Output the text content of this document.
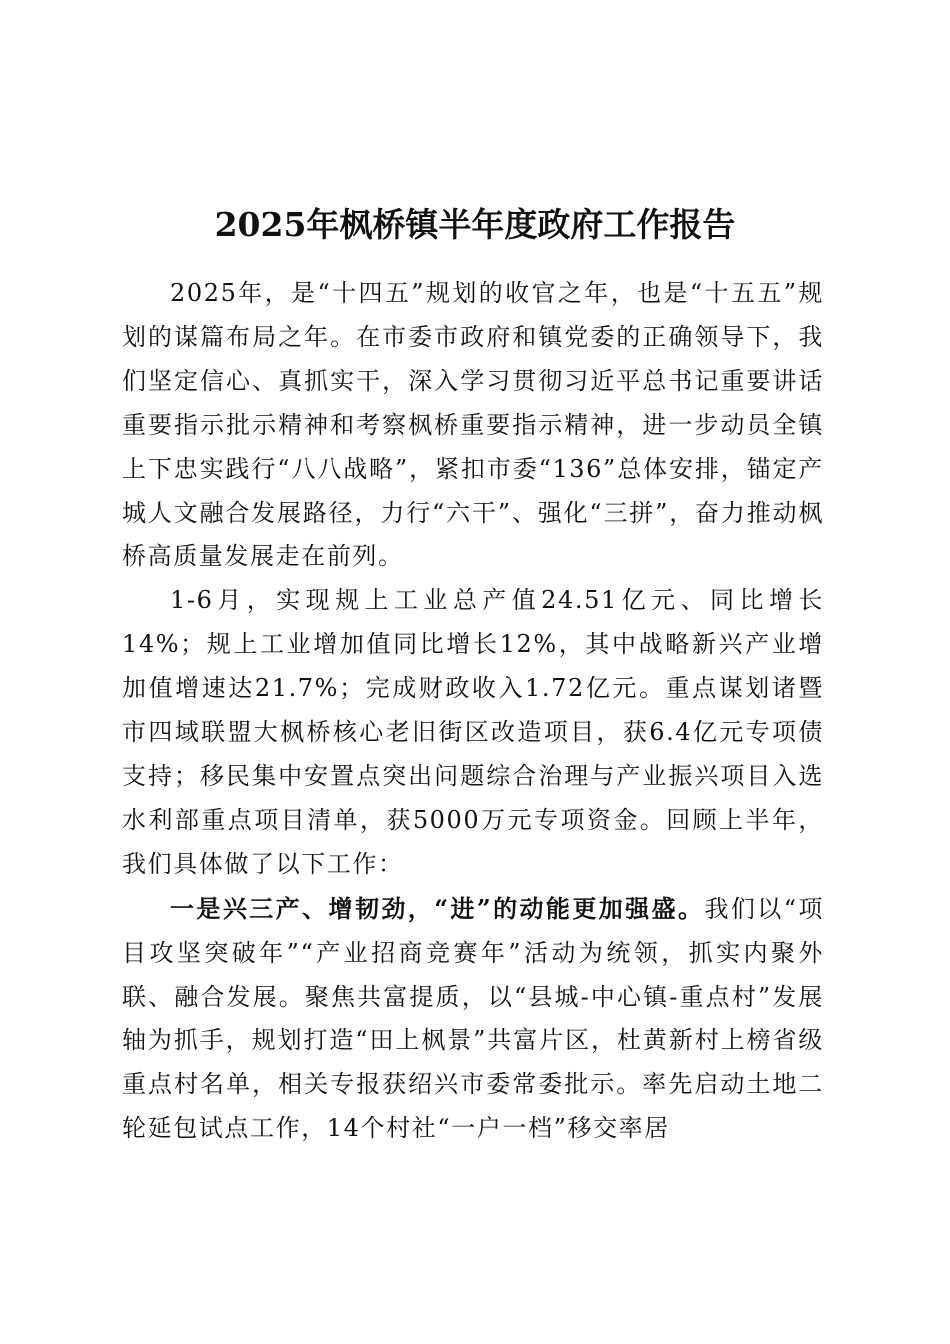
2025年枫桥镇半年度政府工作报告

2025年，是“十四五”规划的收官之年，也是“十五五”规划的谋篇布局之年。在市委市政府和镇党委的正确领导下，我们坚定信心、真抓实干，深入学习贯彻习近平总书记重要讲话重要指示批示精神和考察枫桥重要指示精神，进一步动员全镇上下忠实践行“八八战略”，紧扣市委“136”总体安排，锚定产城人文融合发展路径，力行“六干”、强化“三拼”，奋力推动枫桥高质量发展走在前列。

1-6月，实现规上工业总产值24.51亿元、同比增长14%；规上工业增加值同比增长12%，其中战略新兴产业增加值增速达21.7%；完成财政收入1.72亿元。重点谋划诸暨市四域联盟大枫桥核心老旧街区改造项目，获6.4亿元专项债支持；移民集中安置点突出问题综合治理与产业振兴项目入选水利部重点项目清单，获5000万元专项资金。回顾上半年，我们具体做了以下工作：

一是兴三产、增韧劲，“进”的动能更加强盛。我们以“项目攻坚突破年”“产业招商竞赛年”活动为统领，抓实内聚外联、融合发展。聚焦共富提质，以“县城-中心镇-重点村”发展轴为抓手，规划打造“田上枫景”共富片区，杜黄新村上榜省级重点村名单，相关专报获绍兴市委常委批示。率先启动土地二轮延包试点工作，14个村社“一户一档”移交率居
